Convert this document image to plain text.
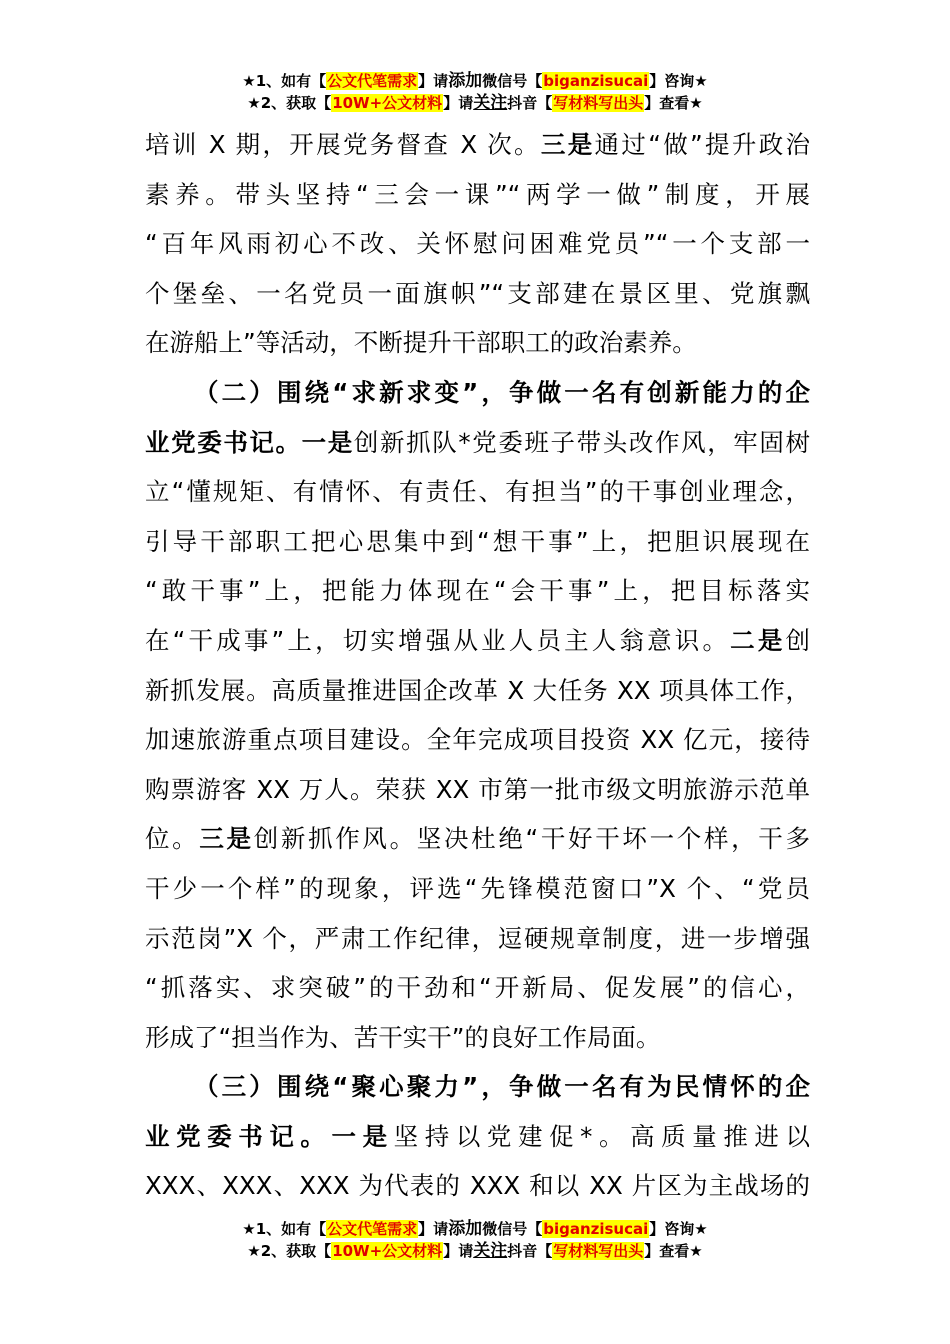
★1、如有【公文代笔需求】请添加微信号【biganzisucai】咨询★
★2、获取【10W+公文材料】请关注抖音【写材料写出头】查看★
培训 X 期，开展党务督查 X 次。三是通过“做”提升政治
素养。带头坚持“三会一课”“两学一做”制度，开展
“百年风雨初心不改、关怀慰问困难党员”“一个支部一
个堡垒、一名党员一面旗帜”“支部建在景区里、党旗飘
在游船上”等活动，不断提升干部职工的政治素养。
（二）围绕“求新求变”，争做一名有创新能力的企
业党委书记。一是创新抓队*党委班子带头改作风，牢固树
立“懂规矩、有情怀、有责任、有担当”的干事创业理念，
引导干部职工把心思集中到“想干事”上，把胆识展现在
“敢干事”上，把能力体现在“会干事”上，把目标落实
在“干成事”上，切实增强从业人员主人翁意识。二是创
新抓发展。高质量推进国企改革 X 大任务 XX 项具体工作，
加速旅游重点项目建设。全年完成项目投资 XX 亿元，接待
购票游客 XX 万人。荣获 XX 市第一批市级文明旅游示范单
位。三是创新抓作风。坚决杜绝“干好干坏一个样，干多
干少一个样”的现象，评选“先锋模范窗口”X 个、“党员
示范岗”X 个，严肃工作纪律，逗硬规章制度，进一步增强
“抓落实、求突破”的干劲和“开新局、促发展”的信心，
形成了“担当作为、苦干实干”的良好工作局面。
（三）围绕“聚心聚力”，争做一名有为民情怀的企
业党委书记。一是坚持以党建促*。高质量推进以
XXX、XXX、XXX 为代表的 XXX 和以 XX 片区为主战场的
★1、如有【公文代笔需求】请添加微信号【biganzisucai】咨询★
★2、获取【10W+公文材料】请关注抖音【写材料写出头】查看★
